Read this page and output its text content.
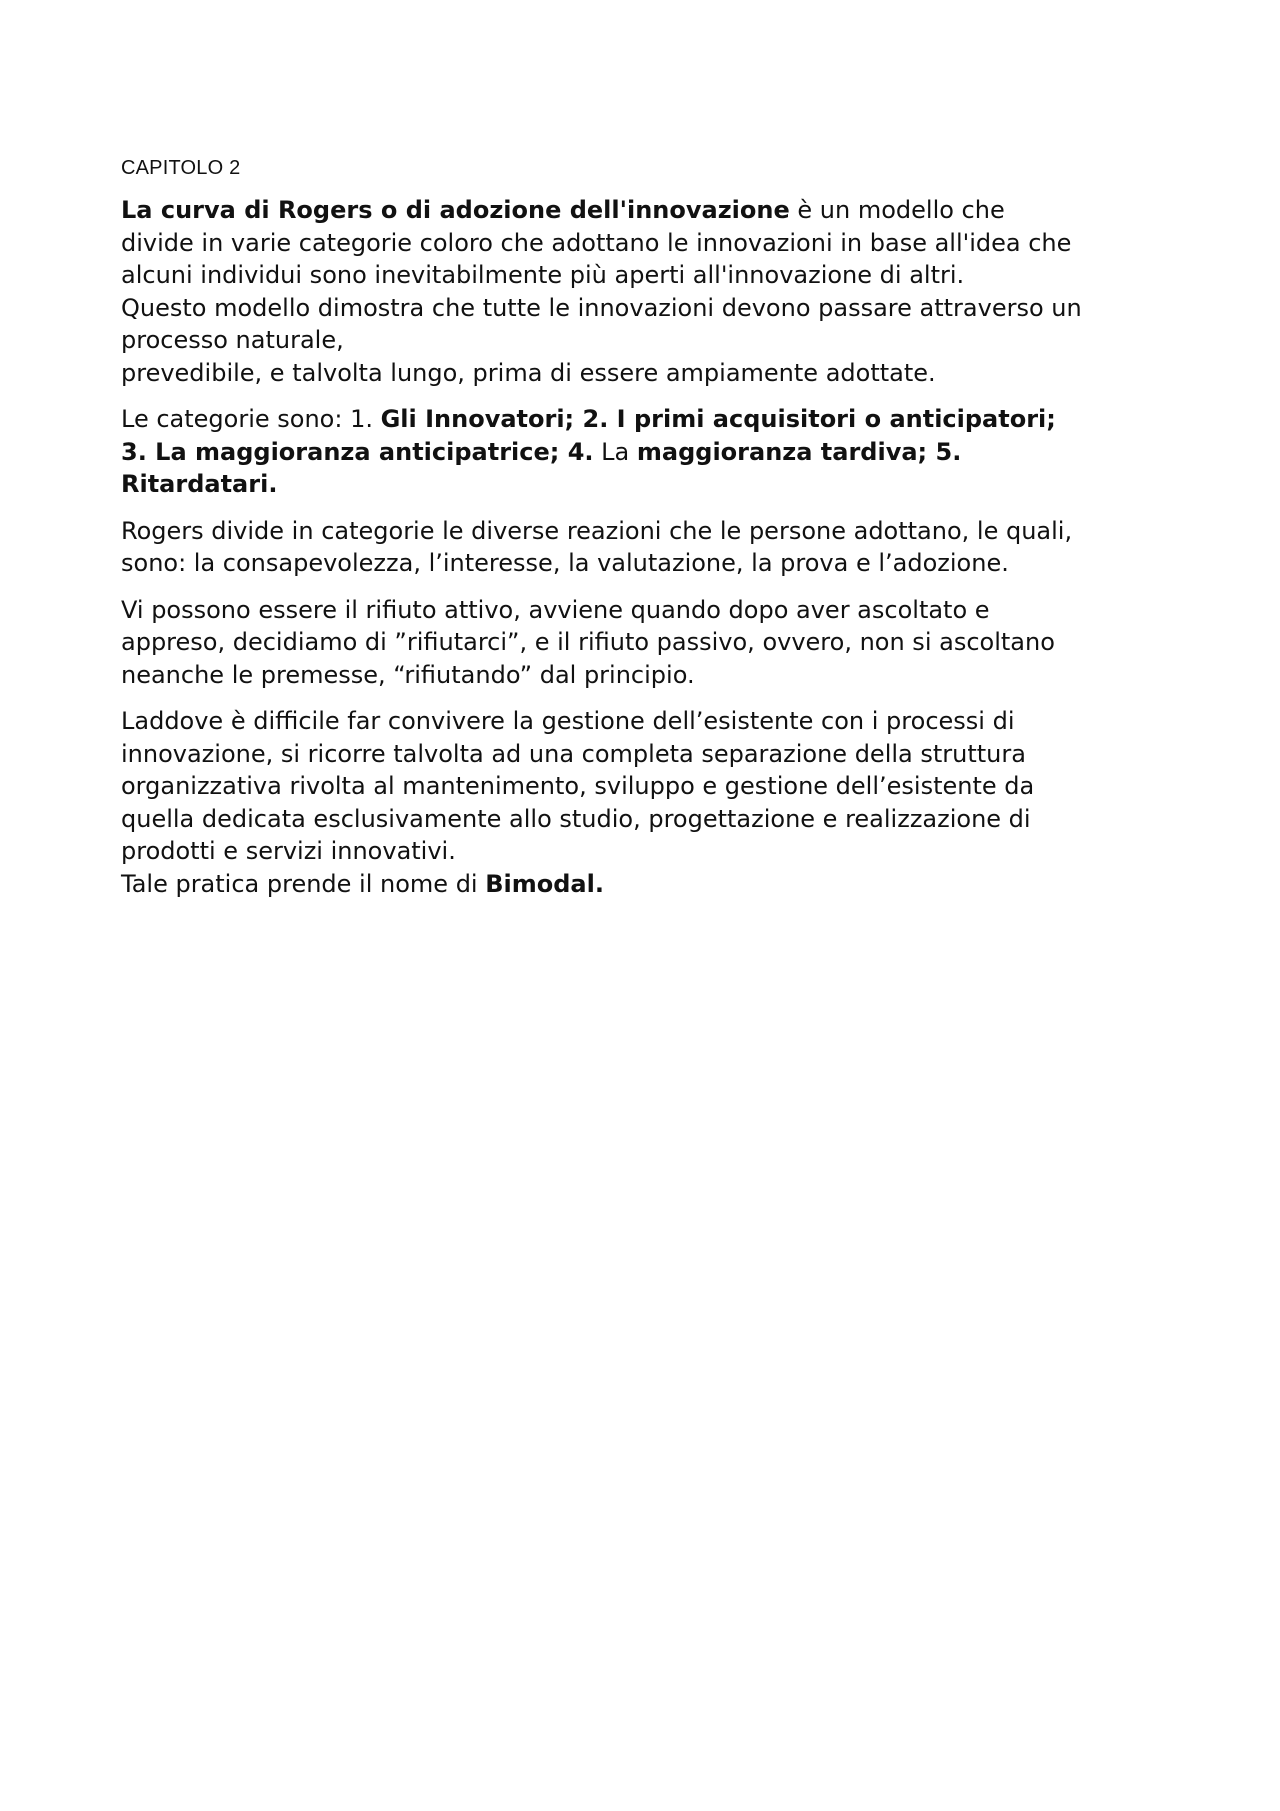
CAPITOLO 2
La curva di Rogers o di adozione dell'innovazione è un modello che
divide in varie categorie coloro che adottano le innovazioni in base all'idea che
alcuni individui sono inevitabilmente più aperti all'innovazione di altri.
Questo modello dimostra che tutte le innovazioni devono passare attraverso un
processo naturale,
prevedibile, e talvolta lungo, prima di essere ampiamente adottate.
Le categorie sono: 1. Gli Innovatori; 2. I primi acquisitori o anticipatori;
3. La maggioranza anticipatrice; 4. La maggioranza tardiva; 5.
Ritardatari.
Rogers divide in categorie le diverse reazioni che le persone adottano, le quali,
sono: la consapevolezza, l’interesse, la valutazione, la prova e l’adozione.
Vi possono essere il rifiuto attivo, avviene quando dopo aver ascoltato e
appreso, decidiamo di ”rifiutarci”, e il rifiuto passivo, ovvero, non si ascoltano
neanche le premesse, “rifiutando” dal principio.
Laddove è difficile far convivere la gestione dell’esistente con i processi di
innovazione, si ricorre talvolta ad una completa separazione della struttura
organizzativa rivolta al mantenimento, sviluppo e gestione dell’esistente da
quella dedicata esclusivamente allo studio, progettazione e realizzazione di
prodotti e servizi innovativi.
Tale pratica prende il nome di Bimodal.
